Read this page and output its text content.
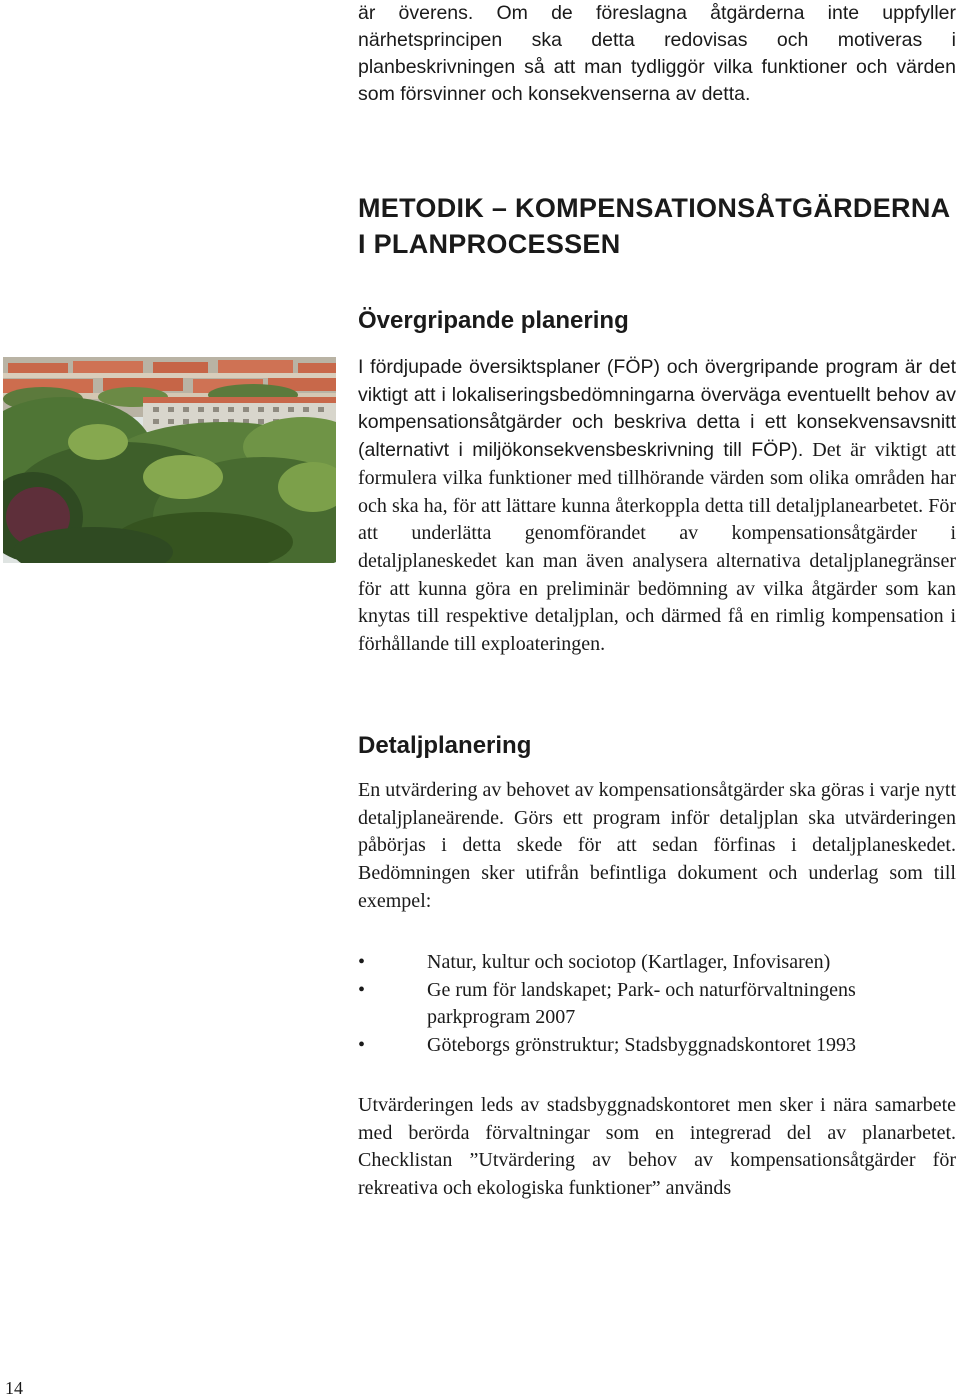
är överens. Om de föreslagna åtgärderna inte uppfyller närhetsprincipen ska detta redovisas och motiveras i planbeskrivningen så att man tydliggör vilka funktioner och värden som försvinner och konsekvenserna av detta.

METODIK – KOMPENSATIONSÅTGÄRDERNA I PLANPROCESSEN
Övergripande planering

I fördjupade översiktsplaner (FÖP) och övergripande program är det viktigt att i lokaliseringsbedömningarna överväga eventuellt behov av kompensationsåtgärder och beskriva detta i ett konsekvensavsnitt (alternativt i miljökonsekvensbeskrivning till FÖP). Det är viktigt att formulera vilka funktioner med tillhörande värden som olika områden har och ska ha, för att lättare kunna återkoppla detta till detaljplanearbetet. För att underlätta genomförandet av kompensationsåtgärder i detaljplaneskedet kan man även analysera alternativa detaljplanegränser för att kunna göra en preliminär bedömning av vilka åtgärder som kan knytas till respektive detaljplan, och därmed få en rimlig kompensation i förhållande till exploateringen.

Detaljplanering

En utvärdering av behovet av kompensationsåtgärder ska göras i varje nytt detaljplaneärende. Görs ett program inför detaljplan ska utvärderingen påbörjas i detta skede för att sedan förfinas i detaljplaneskedet. Bedömningen sker utifrån befintliga dokument och underlag som till exempel:

•	Natur, kultur och sociotop (Kartlager, Infovisaren)
•	Ge rum för landskapet; Park- och naturförvaltningens parkprogram 2007
•	Göteborgs grönstruktur; Stadsbyggnadskontoret 1993

Utvärderingen leds av stadsbyggnadskontoret men sker i nära samarbete med berörda förvaltningar som en integrerad del av planarbetet. Checklistan ”Utvärdering av behov av kompensationsåtgärder för rekreativa och ekologiska funktioner” används

14
